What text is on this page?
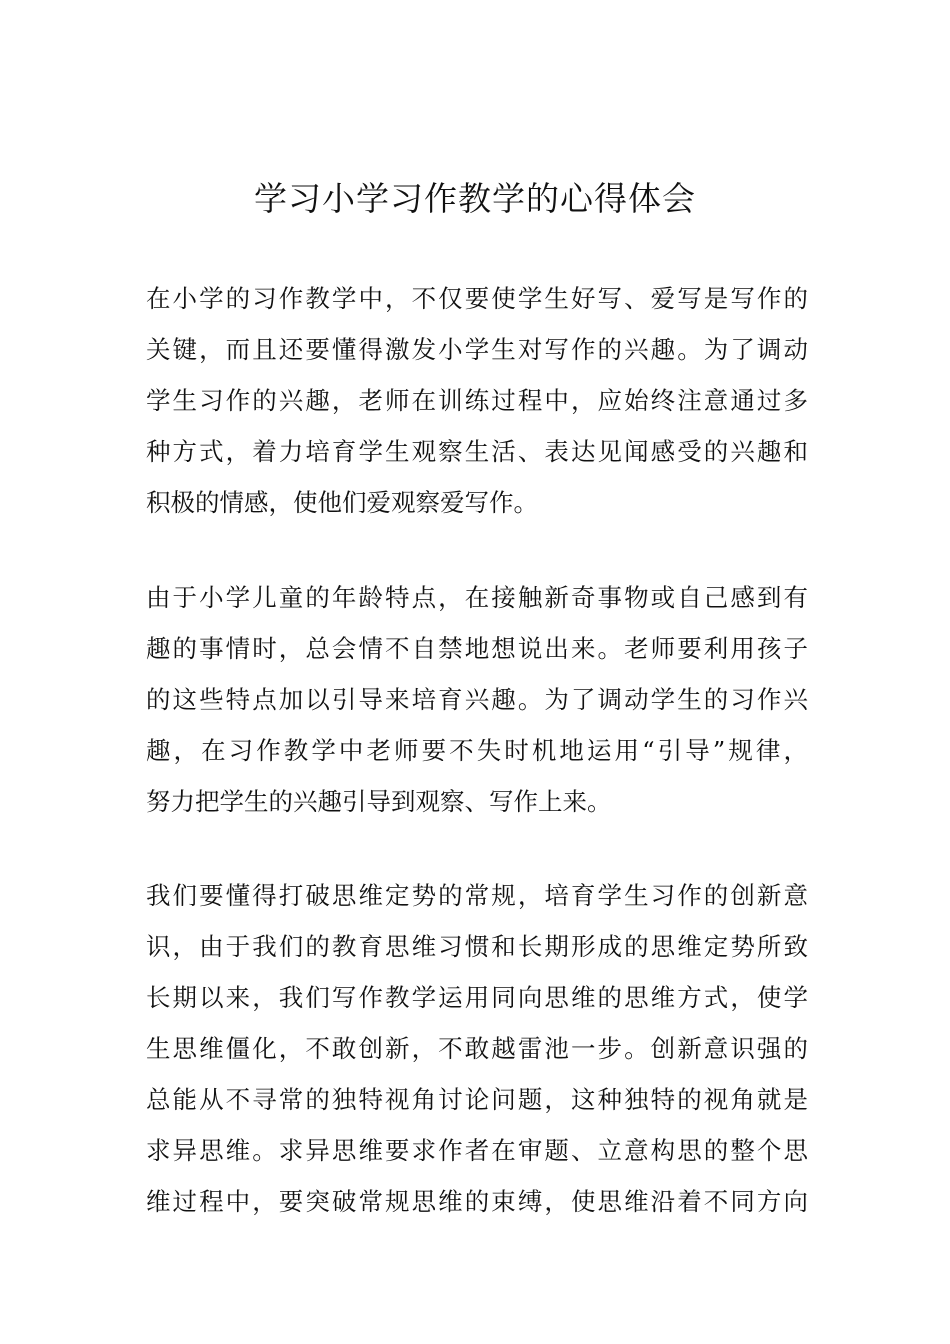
学习小学习作教学的心得体会
在小学的习作教学中，不仅要使学生好写、爱写是写作的
关键，而且还要懂得激发小学生对写作的兴趣。为了调动
学生习作的兴趣，老师在训练过程中，应始终注意通过多
种方式，着力培育学生观察生活、表达见闻感受的兴趣和
积极的情感，使他们爱观察爱写作。
由于小学儿童的年龄特点，在接触新奇事物或自己感到有
趣的事情时，总会情不自禁地想说出来。老师要利用孩子
的这些特点加以引导来培育兴趣。为了调动学生的习作兴
趣，在习作教学中老师要不失时机地运用“引导”规律，
努力把学生的兴趣引导到观察、写作上来。
我们要懂得打破思维定势的常规，培育学生习作的创新意
识，由于我们的教育思维习惯和长期形成的思维定势所致
长期以来，我们写作教学运用同向思维的思维方式，使学
生思维僵化，不敢创新，不敢越雷池一步。创新意识强的
总能从不寻常的独特视角讨论问题，这种独特的视角就是
求异思维。求异思维要求作者在审题、立意构思的整个思
维过程中，要突破常规思维的束缚，使思维沿着不同方向
